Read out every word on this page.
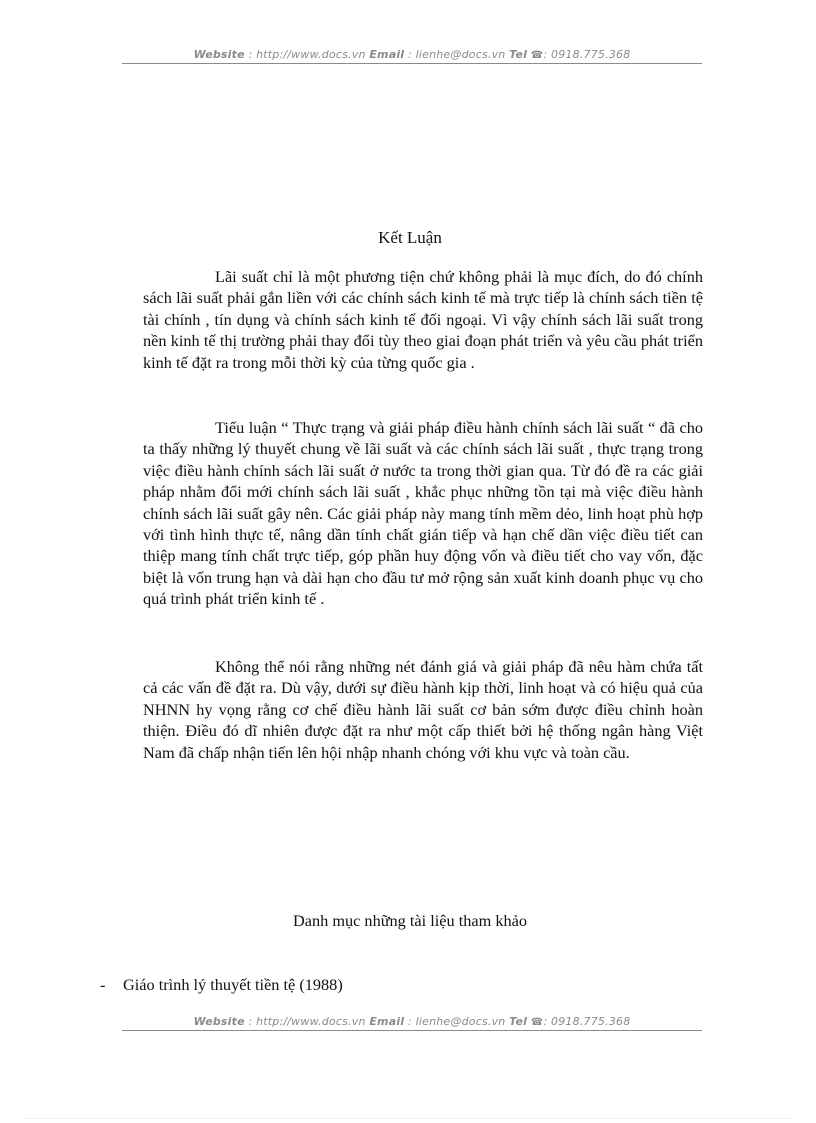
Website : http://www.docs.vn Email : lienhe@docs.vn Tel ☎: 0918.775.368
Kết Luận

Lãi suất chỉ là một phương tiện chứ không phải là mục đích, do đó chính sách lãi suất phải gắn liền với các chính sách kinh tế mà trực tiếp là chính sách tiền tệ tài chính , tín dụng và chính sách kinh tế đối ngoại. Vì vậy chính sách lãi suất trong nền kinh tế thị trường phải thay đổi tùy theo giai đoạn phát triển và yêu cầu phát triển kinh tế đặt ra trong mỗi thời kỳ của từng quốc gia .

Tiểu luận “ Thực trạng và giải pháp điều hành chính sách lãi suất “ đã cho ta thấy những lý thuyết chung về lãi suất và các chính sách lãi suất , thực trạng trong việc điều hành chính sách lãi suất ở nước ta trong thời gian qua. Từ đó đề ra các giải pháp nhằm đổi mới chính sách lãi suất , khắc phục những tồn tại mà việc điều hành chính sách lãi suất gây nên. Các giải pháp này mang tính mềm dẻo, linh hoạt phù hợp với tình hình thực tế, nâng dần tính chất gián tiếp và hạn chế dần việc điều tiết can thiệp mang tính chất trực tiếp, góp phần huy động vốn và điều tiết cho vay vốn, đặc biệt là vốn trung hạn và dài hạn cho đầu tư mở rộng sản xuất kinh doanh phục vụ cho quá trình phát triển kinh tế .

Không thể nói rằng những nét đánh giá và giải pháp đã nêu hàm chứa tất cả các vấn đề đặt ra. Dù vậy, dưới sự điều hành kịp thời, linh hoạt và có hiệu quả của NHNN hy vọng rằng cơ chế điều hành lãi suất cơ bản sớm được điều chỉnh hoàn thiện. Điều đó dĩ nhiên được đặt ra như một cấp thiết bởi hệ thống ngân hàng Việt Nam đã chấp nhận tiến lên hội nhập nhanh chóng với khu vực và toàn cầu.

Danh mục những tài liệu tham khảo
- Giáo trình lý thuyết tiền tệ (1988)
Website : http://www.docs.vn Email : lienhe@docs.vn Tel ☎: 0918.775.368
